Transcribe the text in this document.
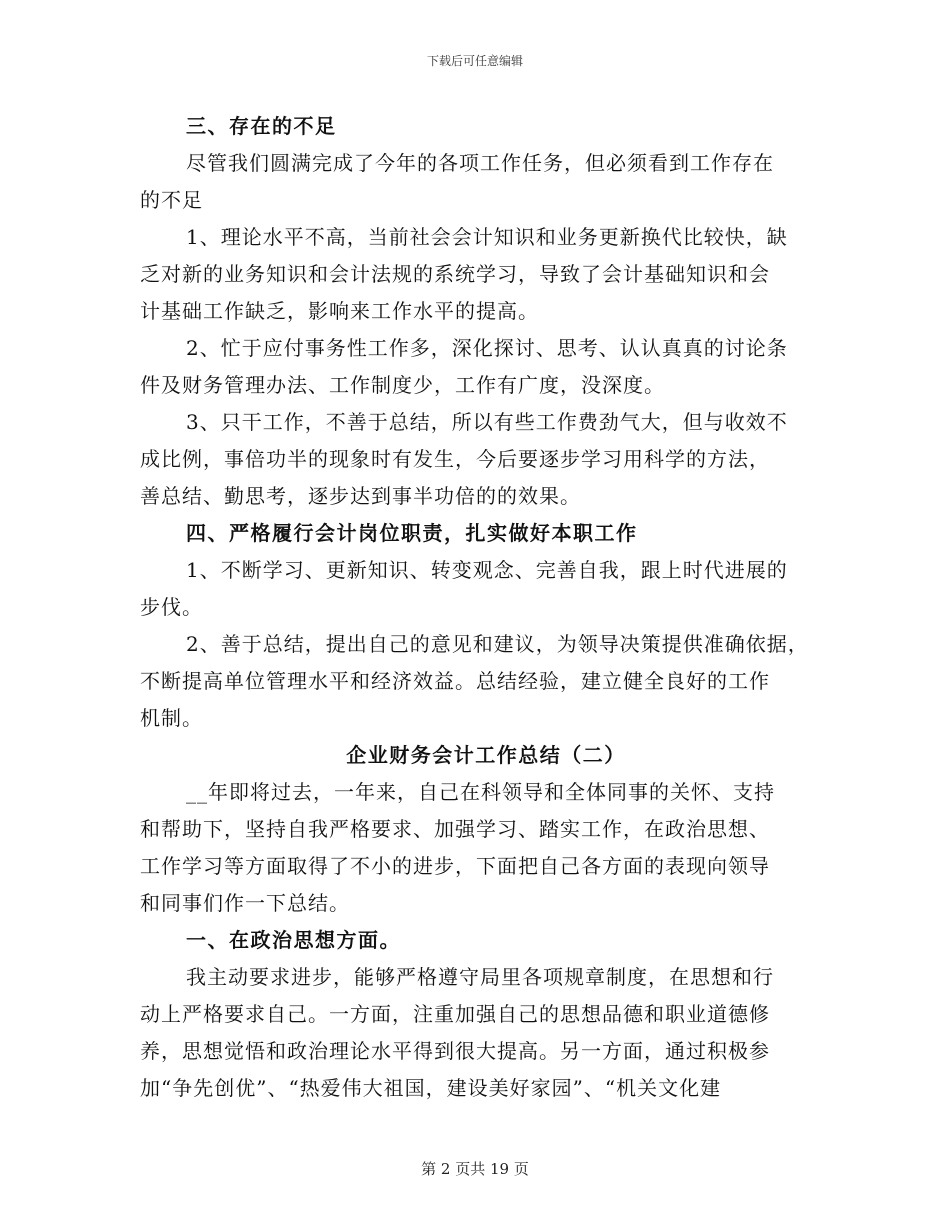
下载后可任意编辑
三、存在的不足
尽管我们圆满完成了今年的各项工作任务，但必须看到工作存在
的不足
1、理论水平不高，当前社会会计知识和业务更新换代比较快，缺
乏对新的业务知识和会计法规的系统学习，导致了会计基础知识和会
计基础工作缺乏，影响来工作水平的提高。
2、忙于应付事务性工作多，深化探讨、思考、认认真真的讨论条
件及财务管理办法、工作制度少，工作有广度，没深度。
3、只干工作，不善于总结，所以有些工作费劲气大，但与收效不
成比例，事倍功半的现象时有发生，今后要逐步学习用科学的方法，
善总结、勤思考，逐步达到事半功倍的的效果。
四、严格履行会计岗位职责，扎实做好本职工作
1、不断学习、更新知识、转变观念、完善自我，跟上时代进展的
步伐。
2、善于总结，提出自己的意见和建议，为领导决策提供准确依据，
不断提高单位管理水平和经济效益。总结经验，建立健全良好的工作
机制。
企业财务会计工作总结（二）
__年即将过去，一年来，自己在科领导和全体同事的关怀、支持
和帮助下，坚持自我严格要求、加强学习、踏实工作，在政治思想、
工作学习等方面取得了不小的进步，下面把自己各方面的表现向领导
和同事们作一下总结。
一、在政治思想方面。
我主动要求进步，能够严格遵守局里各项规章制度，在思想和行
动上严格要求自己。一方面，注重加强自己的思想品德和职业道德修
养，思想觉悟和政治理论水平得到很大提高。另一方面，通过积极参
加“争先创优”、“热爱伟大祖国，建设美好家园”、“机关文化建
第 2 页共 19 页
